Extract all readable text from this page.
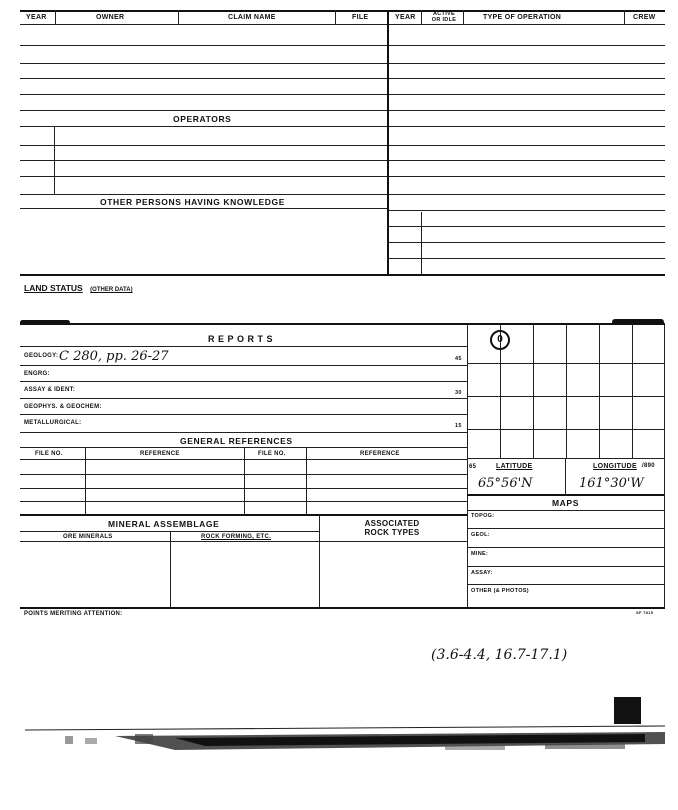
YEAR	OWNER	CLAIM NAME	FILE	YEAR	ACTIVE OR IDLE	TYPE OF OPERATION	CREW
OPERATORS
OTHER PERSONS HAVING KNOWLEDGE
LAND STATUS (OTHER DATA)
REPORTS
GEOLOGY: C 280, pp. 26-27	45
ENGRG:
ASSAY & IDENT:	30
GEOPHYS. & GEOCHEM:
METALLURGICAL:	15
GENERAL REFERENCES
FILE NO.	REFERENCE	FILE NO.	REFERENCE
MINERAL ASSEMBLAGE	ASSOCIATED ROCK TYPES
ORE MINERALS	ROCK FORMING, ETC.
0
65	LATITUDE	LONGITUDE /890
65°56'N	161°30'W
MAPS
TOPOG:
GEOL:
MINE:
ASSAY:
OTHER (& PHOTOS)
POINTS MERITING ATTENTION:	SF 7815
(3.6-4.4, 16.7-17.1)
